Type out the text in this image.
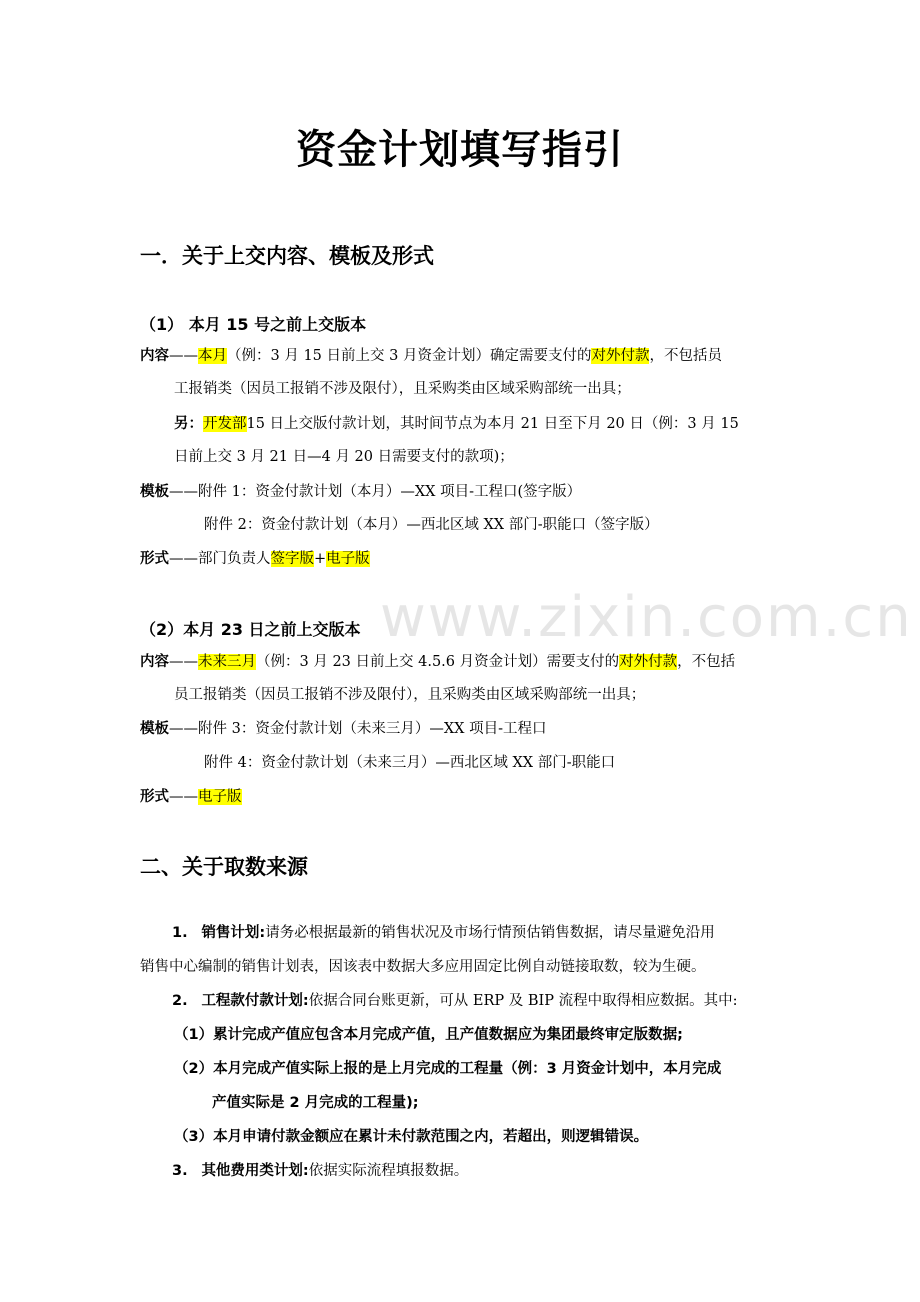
www.zixin.com.cn
资金计划填写指引
一．关于上交内容、模板及形式
（1） 本月 15 号之前上交版本
内容——本月（例：3 月 15 日前上交 3 月资金计划）确定需要支付的对外付款，不包括员
工报销类（因员工报销不涉及限付），且采购类由区域采购部统一出具；
另：开发部15 日上交版付款计划，其时间节点为本月 21 日至下月 20 日（例：3 月 15
日前上交 3 月 21 日—4 月 20 日需要支付的款项)；
模板——附件 1：资金付款计划（本月）—XX 项目-工程口(签字版）
附件 2：资金付款计划（本月）—西北区域 XX 部门-职能口（签字版）
形式——部门负责人签字版+电子版
（2）本月 23 日之前上交版本
内容——未来三月（例：3 月 23 日前上交 4.5.6 月资金计划）需要支付的对外付款，不包括
员工报销类（因员工报销不涉及限付），且采购类由区域采购部统一出具；
模板——附件 3：资金付款计划（未来三月）—XX 项目-工程口
附件 4：资金付款计划（未来三月）—西北区域 XX 部门-职能口
形式——电子版
二、关于取数来源
1. 销售计划:请务必根据最新的销售状况及市场行情预估销售数据，请尽量避免沿用
销售中心编制的销售计划表，因该表中数据大多应用固定比例自动链接取数，较为生硬。
2. 工程款付款计划:依据合同台账更新，可从 ERP 及 BIP 流程中取得相应数据。其中:
（1）累计完成产值应包含本月完成产值，且产值数据应为集团最终审定版数据;
（2）本月完成产值实际上报的是上月完成的工程量（例：3 月资金计划中，本月完成
产值实际是 2 月完成的工程量);
（3）本月申请付款金额应在累计未付款范围之内，若超出，则逻辑错误。
3. 其他费用类计划:依据实际流程填报数据。
